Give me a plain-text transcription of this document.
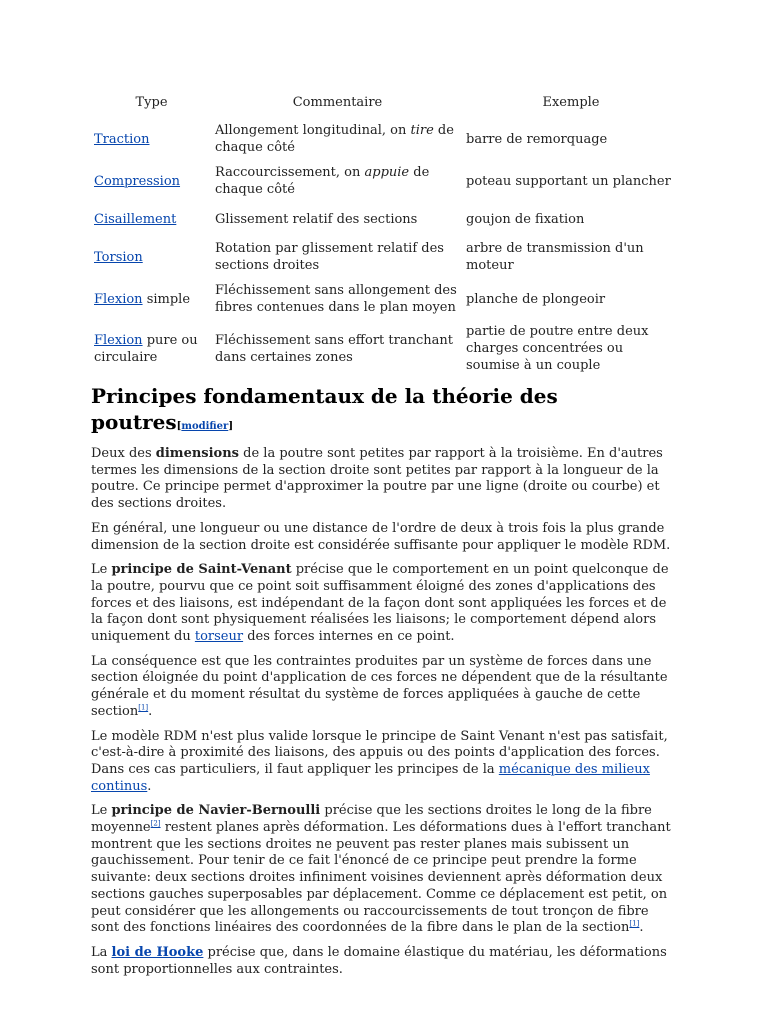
Type	Commentaire	Exemple
Traction	Allongement longitudinal, on tire de chaque côté	barre de remorquage
Compression	Raccourcissement, on appuie de chaque côté	poteau supportant un plancher
Cisaillement	Glissement relatif des sections	goujon de fixation
Torsion	Rotation par glissement relatif des sections droites	arbre de transmission d'un moteur
Flexion simple	Fléchissement sans allongement des fibres contenues dans le plan moyen	planche de plongeoir
Flexion pure ou circulaire	Fléchissement sans effort tranchant dans certaines zones	partie de poutre entre deux charges concentrées ou soumise à un couple
Principes fondamentaux de la théorie des poutres[modifier]

Deux des dimensions de la poutre sont petites par rapport à la troisième. En d'autres termes les dimensions de la section droite sont petites par rapport à la longueur de la poutre. Ce principe permet d'approximer la poutre par une ligne (droite ou courbe) et des sections droites.

En général, une longueur ou une distance de l'ordre de deux à trois fois la plus grande dimension de la section droite est considérée suffisante pour appliquer le modèle RDM.

Le principe de Saint-Venant précise que le comportement en un point quelconque de la poutre, pourvu que ce point soit suffisamment éloigné des zones d'applications des forces et des liaisons, est indépendant de la façon dont sont appliquées les forces et de la façon dont sont physiquement réalisées les liaisons; le comportement dépend alors uniquement du torseur des forces internes en ce point.

La conséquence est que les contraintes produites par un système de forces dans une section éloignée du point d'application de ces forces ne dépendent que de la résultante générale et du moment résultat du système de forces appliquées à gauche de cette section[1].

Le modèle RDM n'est plus valide lorsque le principe de Saint Venant n'est pas satisfait, c'est-à-dire à proximité des liaisons, des appuis ou des points d'application des forces. Dans ces cas particuliers, il faut appliquer les principes de la mécanique des milieux continus.

Le principe de Navier-Bernoulli précise que les sections droites le long de la fibre moyenne[2] restent planes après déformation. Les déformations dues à l'effort tranchant montrent que les sections droites ne peuvent pas rester planes mais subissent un gauchissement. Pour tenir de ce fait l'énoncé de ce principe peut prendre la forme suivante: deux sections droites infiniment voisines deviennent après déformation deux sections gauches superposables par déplacement. Comme ce déplacement est petit, on peut considérer que les allongements ou raccourcissements de tout tronçon de fibre sont des fonctions linéaires des coordonnées de la fibre dans le plan de la section[1].

La loi de Hooke précise que, dans le domaine élastique du matériau, les déformations sont proportionnelles aux contraintes.
